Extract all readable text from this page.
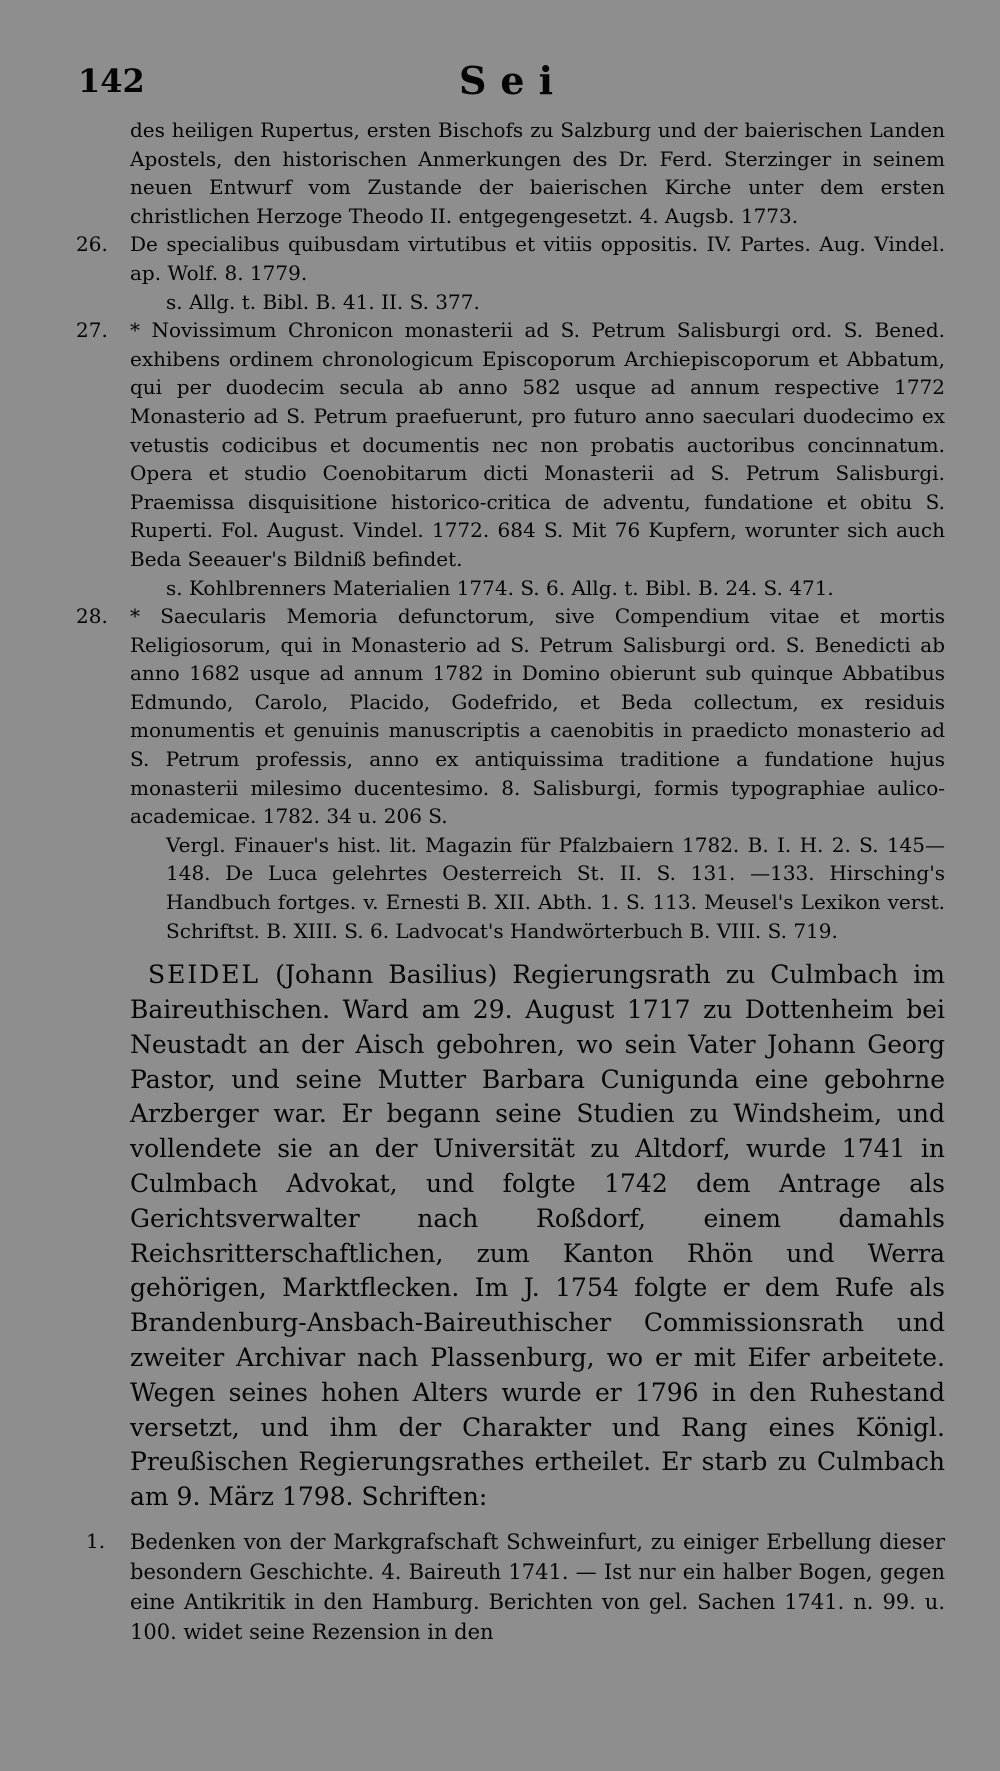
142	Sei

des heiligen Rupertus, ersten Bischofs zu Salzburg und der baierischen Landen Apostels, den historischen Anmerkungen des Dr. Ferd. Sterzinger in seinem neuen Entwurf vom Zustande der baierischen Kirche unter dem ersten christlichen Herzoge Theodo II. entgegengesetzt. 4. Augsb. 1773.

26. De specialibus quibusdam virtutibus et vitiis oppositis. IV. Partes. Aug. Vindel. ap. Wolf. 8. 1779.

s. Allg. t. Bibl. B. 41. II. S. 377.

27. * Novissimum Chronicon monasterii ad S. Petrum Salisburgi ord. S. Bened. exhibens ordinem chronologicum Episcoporum Archiepiscoporum et Abbatum, qui per duodecim secula ab anno 582 usque ad annum respective 1772 Monasterio ad S. Petrum praefuerunt, pro futuro anno saeculari duodecimo ex vetustis codicibus et documentis nec non probatis auctoribus concinnatum. Opera et studio Coenobitarum dicti Monasterii ad S. Petrum Salisburgi. Praemissa disquisitione historico-critica de adventu, fundatione et obitu S. Ruperti. Fol. August. Vindel. 1772. 684 S. Mit 76 Kupfern, worunter sich auch Beda Seeauer's Bildniß befindet.

s. Kohlbrenners Materialien 1774. S. 6. Allg. t. Bibl. B. 24. S. 471.

28. * Saecularis Memoria defunctorum, sive Compendium vitae et mortis Religiosorum, qui in Monasterio ad S. Petrum Salisburgi ord. S. Benedicti ab anno 1682 usque ad annum 1782 in Domino obierunt sub quinque Abbatibus Edmundo, Carolo, Placido, Godefrido, et Beda collectum, ex residuis monumentis et genuinis manuscriptis a caenobitis in praedicto monasterio ad S. Petrum professis, anno ex antiquissima traditione a fundatione hujus monasterii milesimo ducentesimo. 8. Salisburgi, formis typographiae aulico-academicae. 1782. 34 u. 206 S.

Vergl. Finauer's hist. lit. Magazin für Pfalzbaiern 1782. B. I. H. 2. S. 145—148. De Luca gelehrtes Oesterreich St. II. S. 131. —133. Hirsching's Handbuch fortges. v. Ernesti B. XII. Abth. 1. S. 113. Meusel's Lexikon verst. Schriftst. B. XIII. S. 6. Ladvocat's Handwörterbuch B. VIII. S. 719.

SEIDEL (Johann Basilius) Regierungsrath zu Culmbach im Baireuthischen. Ward am 29. August 1717 zu Dottenheim bei Neustadt an der Aisch gebohren, wo sein Vater Johann Georg Pastor, und seine Mutter Barbara Cunigunda eine gebohrne Arzberger war. Er begann seine Studien zu Windsheim, und vollendete sie an der Universität zu Altdorf, wurde 1741 in Culmbach Advokat, und folgte 1742 dem Antrage als Gerichtsverwalter nach Roßdorf, einem damahls Reichsritterschaftlichen, zum Kanton Rhön und Werra gehörigen, Marktflecken. Im J. 1754 folgte er dem Rufe als Brandenburg-Ansbach-Baireuthischer Commissionsrath und zweiter Archivar nach Plassenburg, wo er mit Eifer arbeitete. Wegen seines hohen Alters wurde er 1796 in den Ruhestand versetzt, und ihm der Charakter und Rang eines Königl. Preußischen Regierungsrathes ertheilet. Er starb zu Culmbach am 9. März 1798. Schriften:

1. Bedenken von der Markgrafschaft Schweinfurt, zu einiger Erbellung dieser besondern Geschichte. 4. Baireuth 1741. — Ist nur ein halber Bogen, gegen eine Antikritik in den Hamburg. Berichten von gel. Sachen 1741. n. 99. u. 100. widet seine Rezension in den
